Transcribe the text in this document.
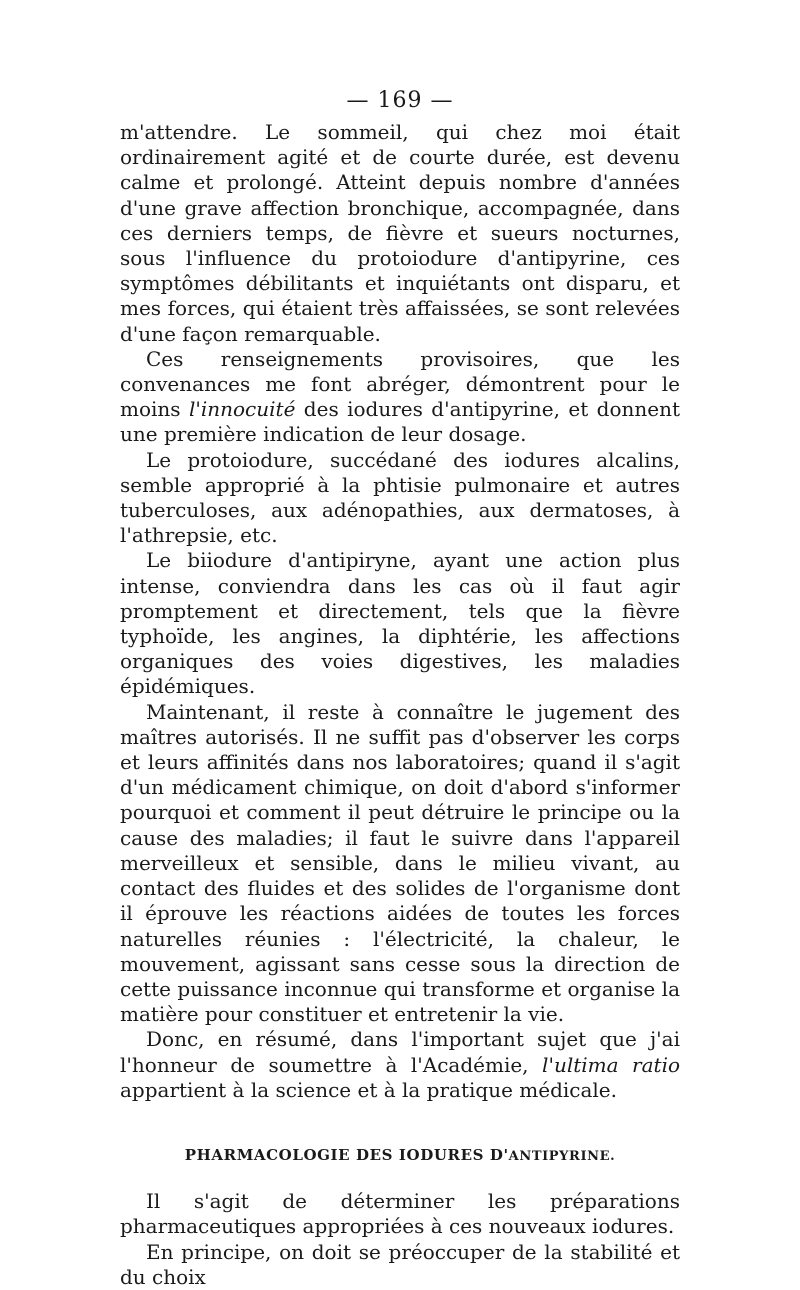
— 169 —

m'attendre. Le sommeil, qui chez moi était ordinairement agité et de courte durée, est devenu calme et prolongé. Atteint depuis nombre d'années d'une grave affection bronchique, accompagnée, dans ces derniers temps, de fièvre et sueurs nocturnes, sous l'influence du protoiodure d'antipyrine, ces symptômes débilitants et inquiétants ont disparu, et mes forces, qui étaient très affaissées, se sont relevées d'une façon remarquable.

Ces renseignements provisoires, que les convenances me font abréger, démontrent pour le moins l'innocuité des iodures d'antipyrine, et donnent une première indication de leur dosage.

Le protoiodure, succédané des iodures alcalins, semble approprié à la phtisie pulmonaire et autres tuberculoses, aux adénopathies, aux dermatoses, à l'athrepsie, etc.

Le biiodure d'antipiryne, ayant une action plus intense, conviendra dans les cas où il faut agir promptement et directement, tels que la fièvre typhoïde, les angines, la diphtérie, les affections organiques des voies digestives, les maladies épidémiques.

Maintenant, il reste à connaître le jugement des maîtres autorisés. Il ne suffit pas d'observer les corps et leurs affinités dans nos laboratoires; quand il s'agit d'un médicament chimique, on doit d'abord s'informer pourquoi et comment il peut détruire le principe ou la cause des maladies; il faut le suivre dans l'appareil merveilleux et sensible, dans le milieu vivant, au contact des fluides et des solides de l'organisme dont il éprouve les réactions aidées de toutes les forces naturelles réunies : l'électricité, la chaleur, le mouvement, agissant sans cesse sous la direction de cette puissance inconnue qui transforme et organise la matière pour constituer et entretenir la vie.

Donc, en résumé, dans l'important sujet que j'ai l'honneur de soumettre à l'Académie, l'ultima ratio appartient à la science et à la pratique médicale.

PHARMACOLOGIE DES IODURES D'ANTIPYRINE.

Il s'agit de déterminer les préparations pharmaceutiques appropriées à ces nouveaux iodures.

En principe, on doit se préoccuper de la stabilité et du choix
